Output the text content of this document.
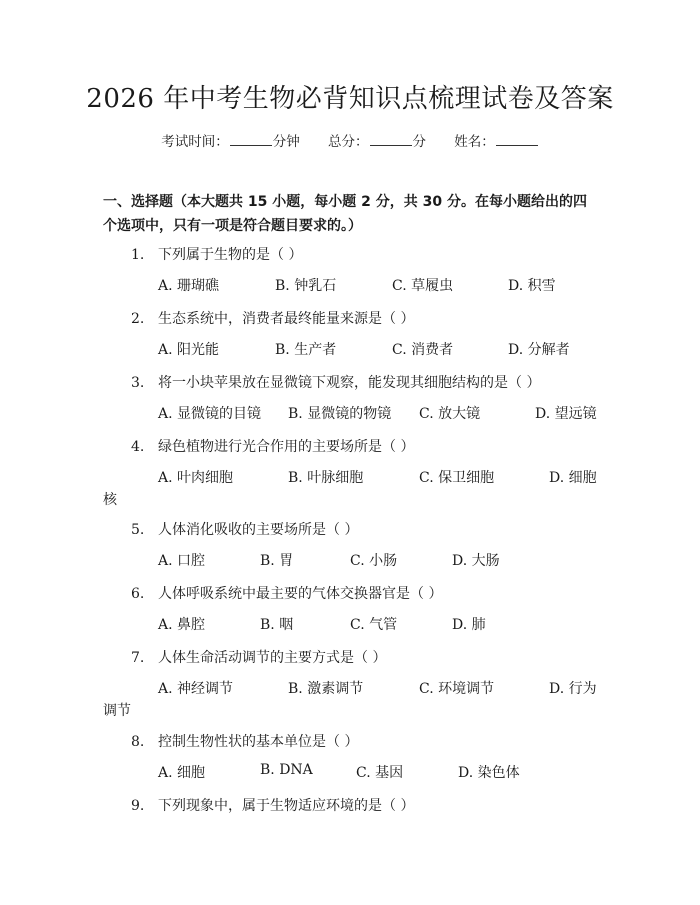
2026 年中考生物必背知识点梳理试卷及答案
考试时间：	分钟 总分：	分 姓名：
一、选择题（本大题共 15 小题，每小题 2 分，共 30 分。在每小题给出的四个选项中，只有一项是符合题目要求的。）
1. 下列属于生物的是（ ）
A. 珊瑚礁	B. 钟乳石	C. 草履虫	D. 积雪
2. 生态系统中，消费者最终能量来源是（ ）
A. 阳光能	B. 生产者	C. 消费者	D. 分解者
3. 将一小块苹果放在显微镜下观察，能发现其细胞结构的是（ ）
A. 显微镜的目镜 B. 显微镜的物镜 C. 放大镜	D. 望远镜
4. 绿色植物进行光合作用的主要场所是（ ）
A. 叶肉细胞	B. 叶脉细胞	C. 保卫细胞	D. 细胞
核
5. 人体消化吸收的主要场所是（ ）
A. 口腔	B. 胃	C. 小肠	D. 大肠
6. 人体呼吸系统中最主要的气体交换器官是（ ）
A. 鼻腔	B. 咽	C. 气管	D. 肺
7. 人体生命活动调节的主要方式是（ ）
A. 神经调节	B. 激素调节	C. 环境调节	D. 行为
调节
8. 控制生物性状的基本单位是（ ）
A. 细胞	B. DNA	C. 基因	D. 染色体
9. 下列现象中，属于生物适应环境的是（ ）
